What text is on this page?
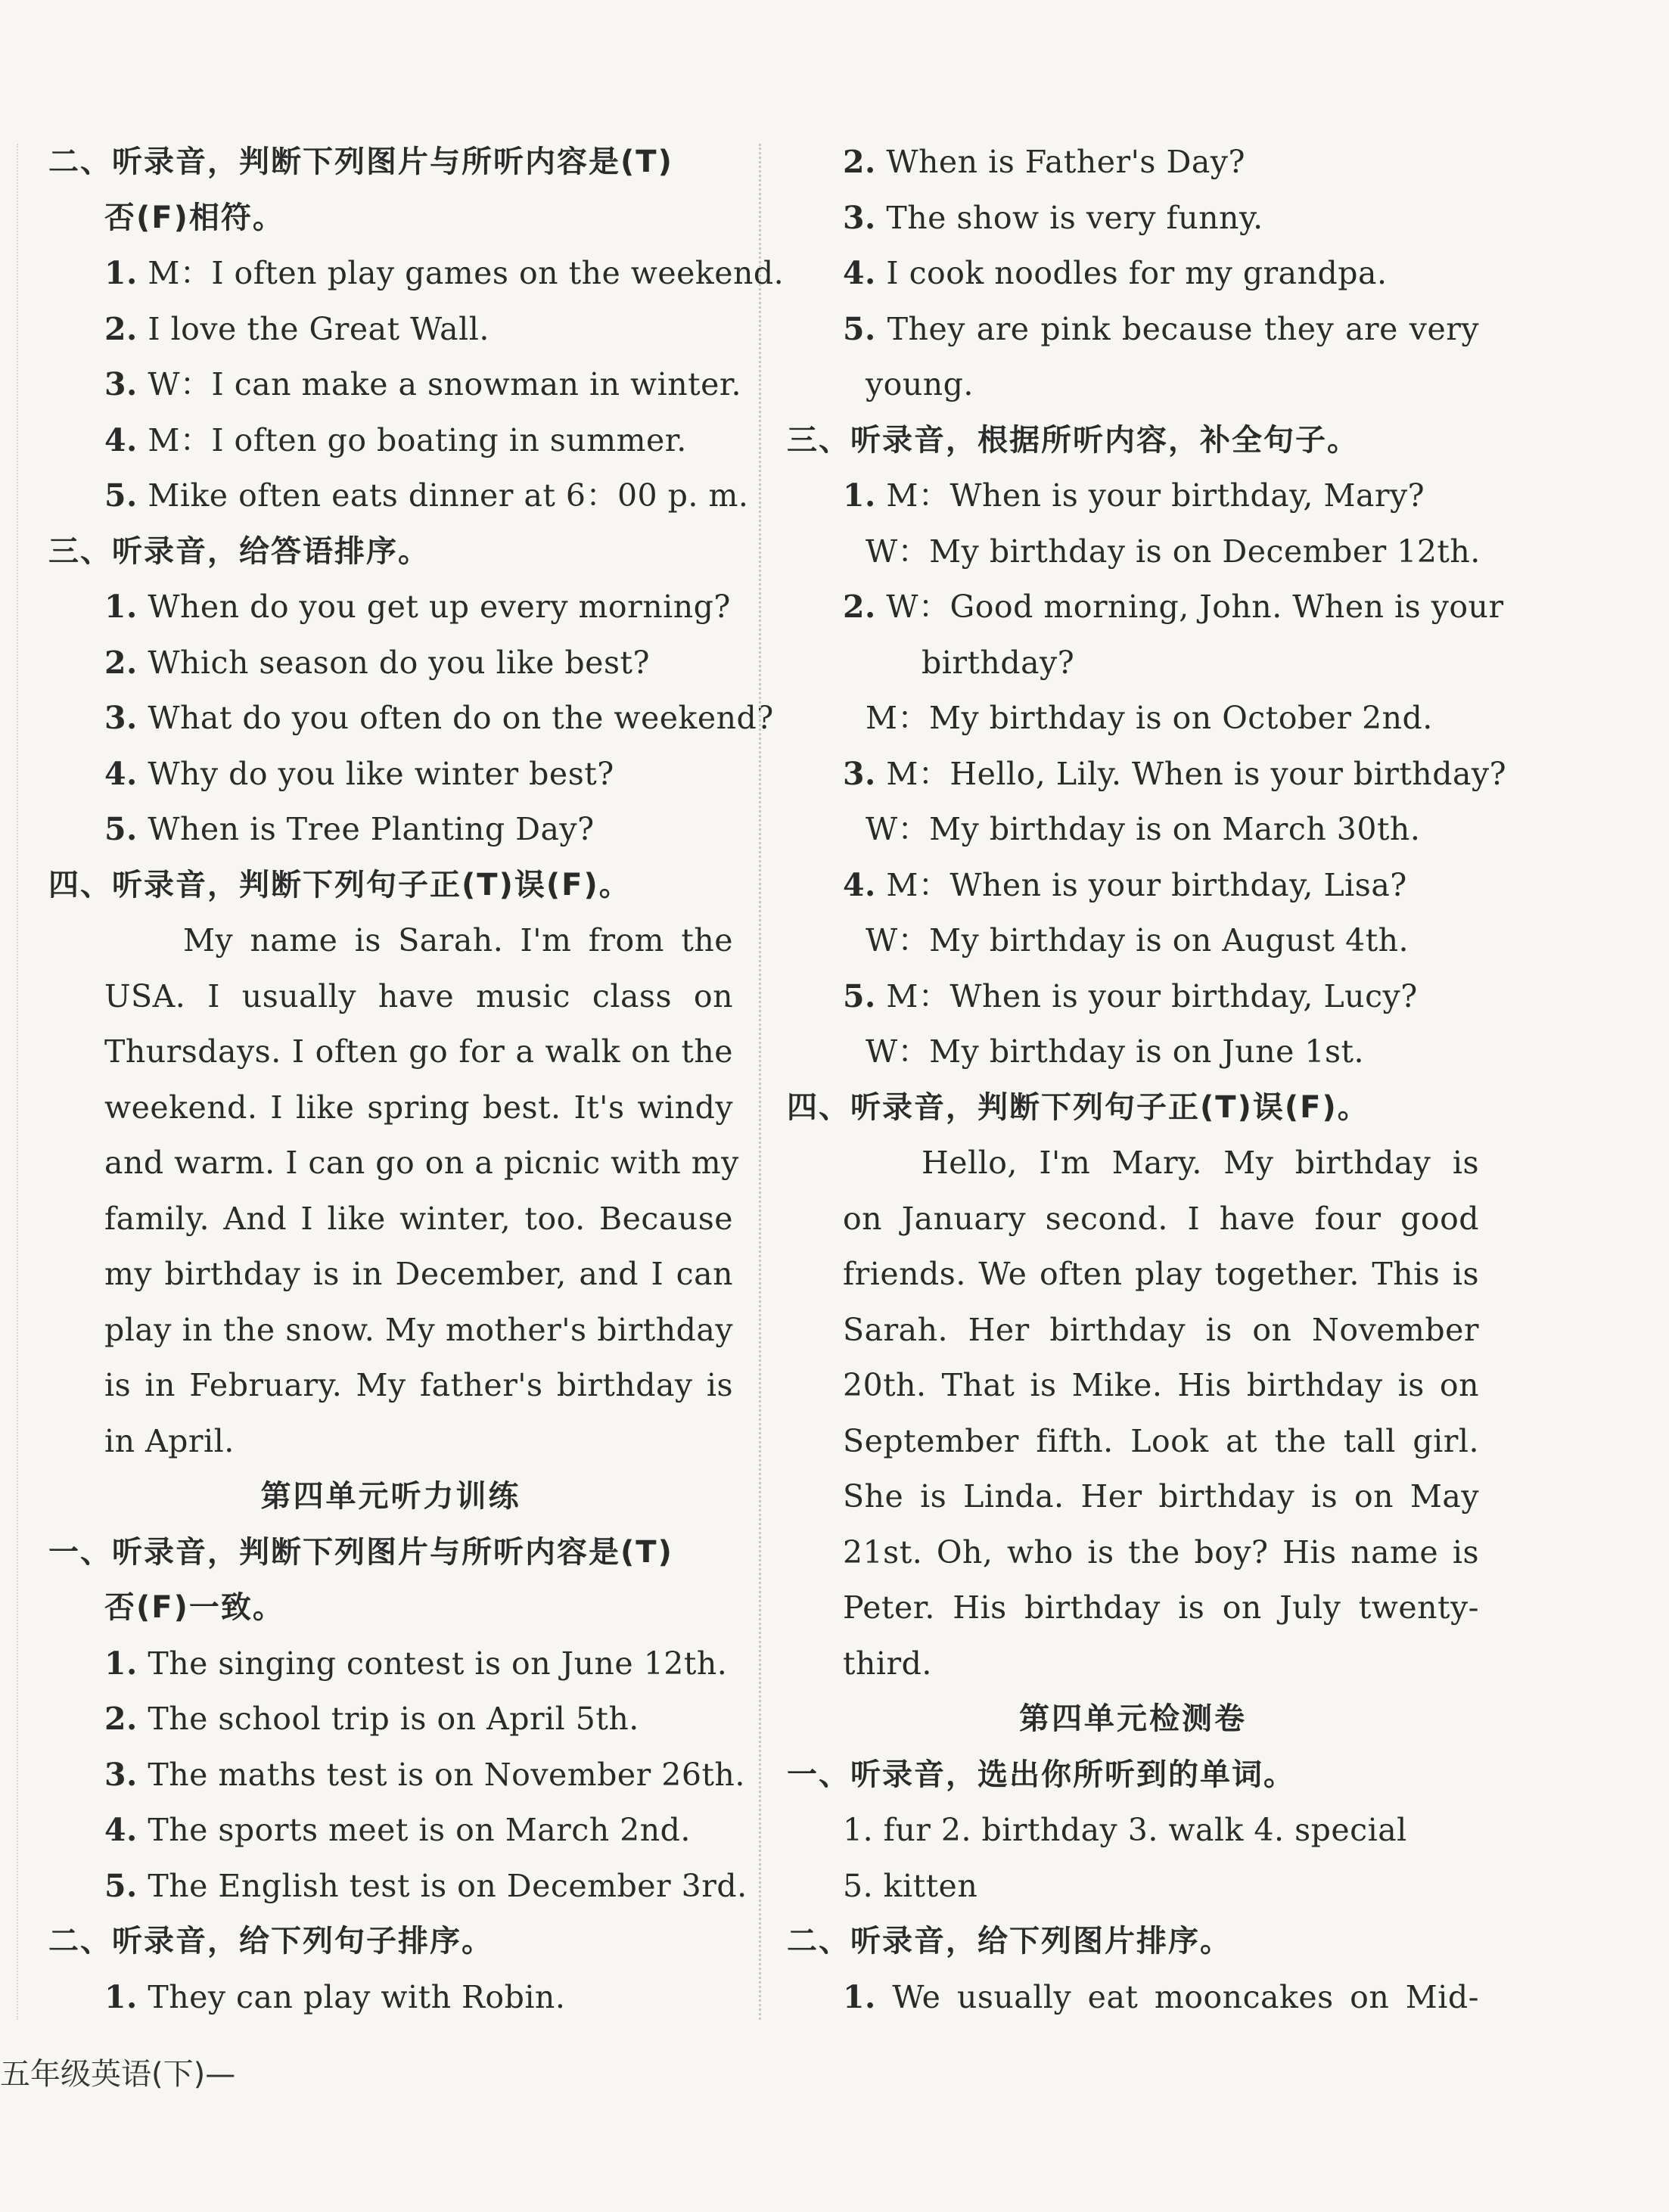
二、听录音，判断下列图片与所听内容是(T)
否(F)相符。
1. M：I often play games on the weekend.
2. I love the Great Wall.
3. W：I can make a snowman in winter.
4. M：I often go boating in summer.
5. Mike often eats dinner at 6：00 p. m.
三、听录音，给答语排序。
1. When do you get up every morning?
2. Which season do you like best?
3. What do you often do on the weekend?
4. Why do you like winter best?
5. When is Tree Planting Day?
四、听录音，判断下列句子正(T)误(F)。
My name is Sarah. I'm from the
USA. I usually have music class on
Thursdays. I often go for a walk on the
weekend. I like spring best. It's windy
and warm. I can go on a picnic with my
family. And I like winter, too. Because
my birthday is in December, and I can
play in the snow. My mother's birthday
is in February. My father's birthday is
in April.
第四单元听力训练
一、听录音，判断下列图片与所听内容是(T)
否(F)一致。
1. The singing contest is on June 12th.
2. The school trip is on April 5th.
3. The maths test is on November 26th.
4. The sports meet is on March 2nd.
5. The English test is on December 3rd.
二、听录音，给下列句子排序。
1. They can play with Robin.
2. When is Father's Day?
3. The show is very funny.
4. I cook noodles for my grandpa.
5. They are pink because they are very
young.
三、听录音，根据所听内容，补全句子。
1. M：When is your birthday, Mary?
W：My birthday is on December 12th.
2. W：Good morning, John. When is your
birthday?
M：My birthday is on October 2nd.
3. M：Hello, Lily. When is your birthday?
W：My birthday is on March 30th.
4. M：When is your birthday, Lisa?
W：My birthday is on August 4th.
5. M：When is your birthday, Lucy?
W：My birthday is on June 1st.
四、听录音，判断下列句子正(T)误(F)。
Hello, I'm Mary. My birthday is
on January second. I have four good
friends. We often play together. This is
Sarah. Her birthday is on November
20th. That is Mike. His birthday is on
September fifth. Look at the tall girl.
She is Linda. Her birthday is on May
21st. Oh, who is the boy? His name is
Peter. His birthday is on July twenty-
third.
第四单元检测卷
一、听录音，选出你所听到的单词。
1. fur 2. birthday 3. walk 4. special
5. kitten
二、听录音，给下列图片排序。
1. We usually eat mooncakes on Mid-
五年级英语(下)—
